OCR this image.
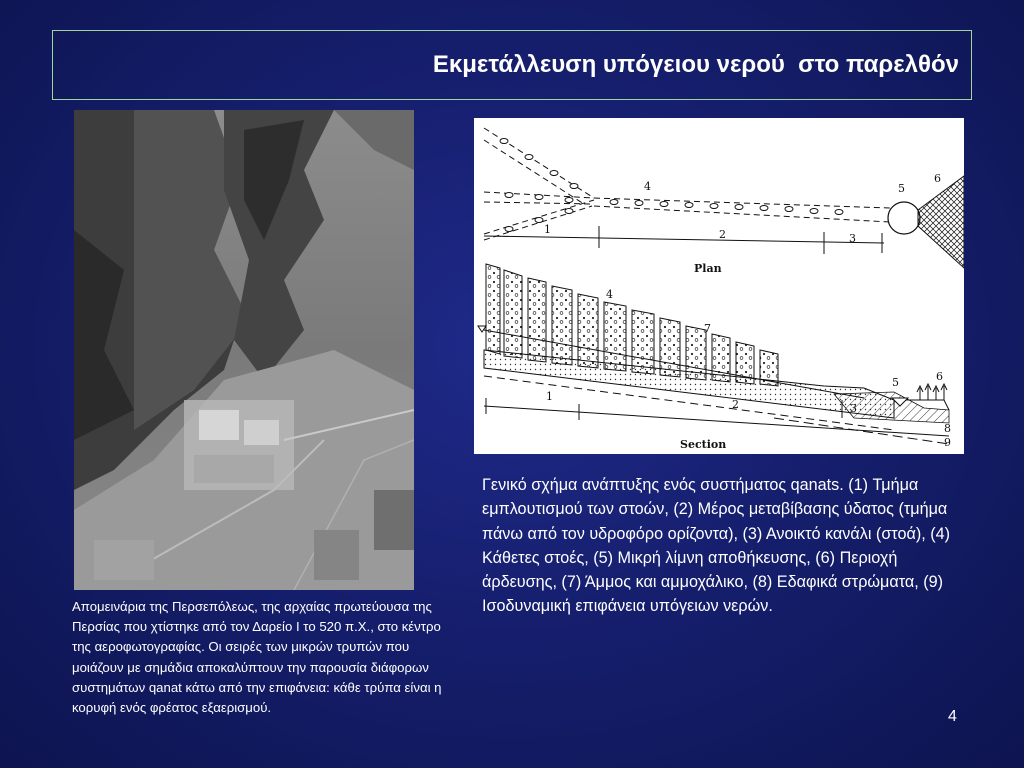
Εκμετάλλευση υπόγειου νερού  στο παρελθόν
Απομεινάρια της Περσεπόλεως, της αρχαίας πρωτεύουσα της Περσίας που χτίστηκε από τον Δαρείο Ι το 520 π.Χ., στο κέντρο της αεροφωτογραφίας. Οι σειρές των μικρών τρυπών που μοιάζουν με σημάδια αποκαλύπτουν την παρουσία διάφορων συστημάτων qanat κάτω από την επιφάνεια: κάθε τρύπα είναι η κορυφή ενός φρέατος εξαερισμού.
1	2	3
4	5
6
Plan
1
2	3
4
5	6
7
8
9
Section
Γενικό σχήμα ανάπτυξης ενός συστήματος qanats. (1) Τμήμα εμπλουτισμού των στοών, (2) Μέρος μεταβίβασης ύδατος (τμήμα πάνω από τον υδροφόρο ορίζοντα), (3) Ανοικτό κανάλι (στοά), (4) Κάθετες στοές, (5) Μικρή λίμνη αποθήκευσης, (6) Περιοχή άρδευσης, (7) Άμμος και αμμοχάλικο, (8) Εδαφικά στρώματα, (9) Ισοδυναμική επιφάνεια υπόγειων νερών.
4
